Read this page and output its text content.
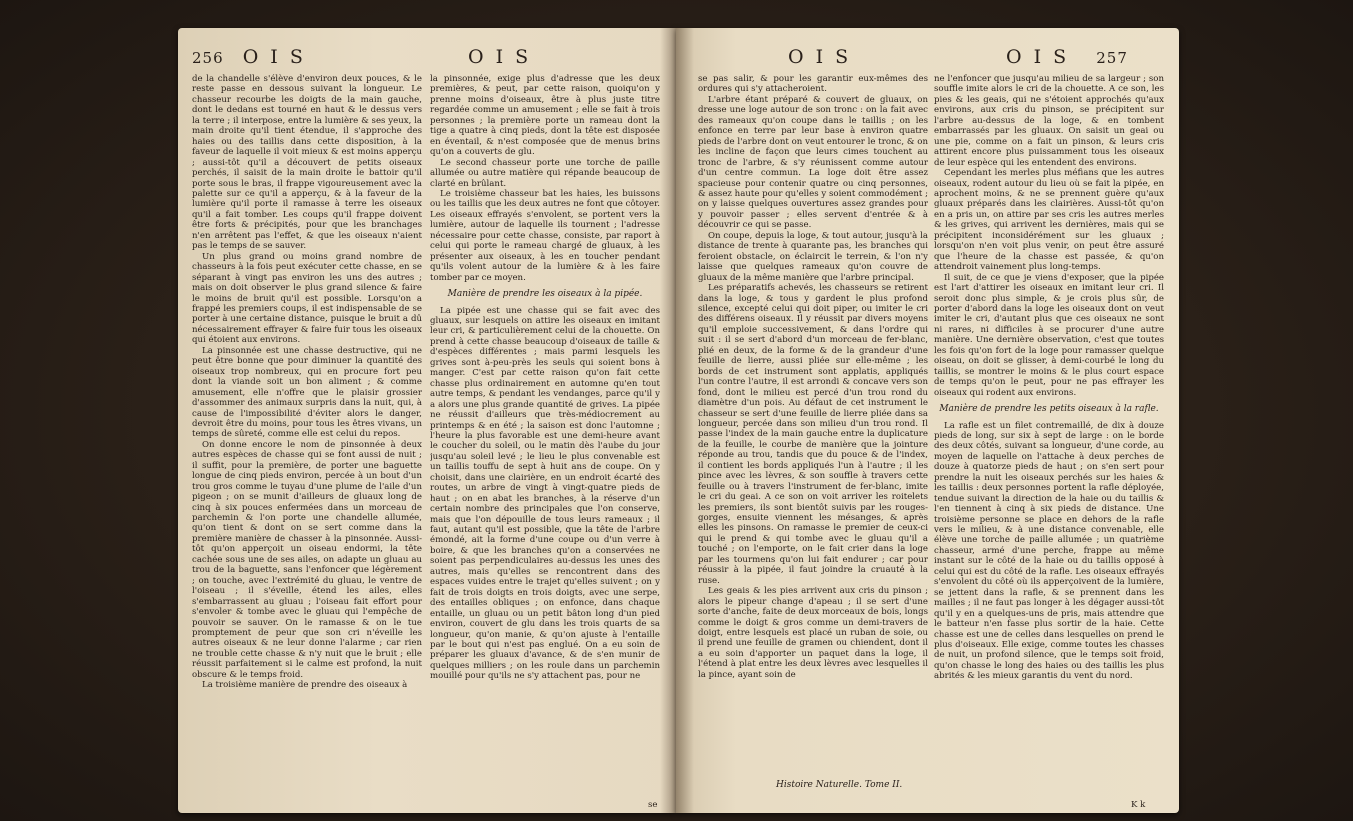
256 O I S	O I S

de la chandelle s'élève d'environ deux pouces, & le reste passe en dessous suivant la longueur. Le chasseur recourbe les doigts de la main gauche, dont le dedans est tourné en haut & le dessus vers la terre ; il interpose, entre la lumière & ses yeux, la main droite qu'il tient étendue, il s'approche des haies ou des taillis dans cette disposition, à la faveur de laquelle il voit mieux & est moins apperçu ; aussi-tôt qu'il a découvert de petits oiseaux perchés, il saisit de la main droite le battoir qu'il porte sous le bras, il frappe vigoureusement avec la palette sur ce qu'il a apperçu, & à la faveur de la lumière qu'il porte il ramasse à terre les oiseaux qu'il a fait tomber. Les coups qu'il frappe doivent être forts & précipités, pour que les branchages n'en arrêtent pas l'effet, & que les oiseaux n'aient pas le temps de se sauver.

Un plus grand ou moins grand nombre de chasseurs à la fois peut exécuter cette chasse, en se séparant à vingt pas environ les uns des autres ; mais on doit observer le plus grand silence & faire le moins de bruit qu'il est possible. Lorsqu'on a frappé les premiers coups, il est indispensable de se porter à une certaine distance, puisque le bruit a dû nécessairement effrayer & faire fuir tous les oiseaux qui étoient aux environs.

La pinsonnée est une chasse destructive, qui ne peut être bonne que pour diminuer la quantité des oiseaux trop nombreux, qui en procure fort peu dont la viande soit un bon aliment ; & comme amusement, elle n'offre que le plaisir grossier d'assommer des animaux surpris dans la nuit, qui, à cause de l'impossibilité d'éviter alors le danger, devroit être du moins, pour tous les êtres vivans, un temps de sûreté, comme elle est celui du repos.

On donne encore le nom de pinsonnée à deux autres espèces de chasse qui se font aussi de nuit ; il suffit, pour la première, de porter une baguette longue de cinq pieds environ, percée à un bout d'un trou gros comme le tuyau d'une plume de l'aile d'un pigeon ; on se munit d'ailleurs de gluaux long de cinq à six pouces enfermées dans un morceau de parchemin & l'on porte une chandelle allumée, qu'on tient & dont on se sert comme dans la première manière de chasser à la pinsonnée. Aussi-tôt qu'on apperçoit un oiseau endormi, la tête cachée sous une de ses ailes, on adapte un gluau au trou de la baguette, sans l'enfoncer que légèrement ; on touche, avec l'extrémité du gluau, le ventre de l'oiseau ; il s'éveille, étend les ailes, elles s'embarrassent au gluau ; l'oiseau fait effort pour s'envoler & tombe avec le gluau qui l'empêche de pouvoir se sauver. On le ramasse & on le tue promptement de peur que son cri n'éveille les autres oiseaux & ne leur donne l'alarme ; car rien ne trouble cette chasse & n'y nuit que le bruit ; elle réussit parfaitement si le calme est profond, la nuit obscure & le temps froid.

La troisième manière de prendre des oiseaux à

la pinsonnée, exige plus d'adresse que les deux premières, & peut, par cette raison, quoiqu'on y prenne moins d'oiseaux, être à plus juste titre regardée comme un amusement ; elle se fait à trois personnes ; la première porte un rameau dont la tige a quatre à cinq pieds, dont la tête est disposée en éventail, & n'est composée que de menus brins qu'on a couverts de glu.

Le second chasseur porte une torche de paille allumée ou autre matière qui répande beaucoup de clarté en brûlant.

Le troisième chasseur bat les haies, les buissons ou les taillis que les deux autres ne font que côtoyer. Les oiseaux effrayés s'envolent, se portent vers la lumière, autour de laquelle ils tournent ; l'adresse nécessaire pour cette chasse, consiste, par raport à celui qui porte le rameau chargé de gluaux, à les présenter aux oiseaux, à les en toucher pendant qu'ils volent autour de la lumière & à les faire tomber par ce moyen.

Manière de prendre les oiseaux à la pipée.

La pipée est une chasse qui se fait avec des gluaux, sur lesquels on attire les oiseaux en imitant leur cri, & particulièrement celui de la chouette. On prend à cette chasse beaucoup d'oiseaux de taille & d'espèces différentes ; mais parmi lesquels les grives sont à-peu-près les seuls qui soient bons à manger. C'est par cette raison qu'on fait cette chasse plus ordinairement en automne qu'en tout autre temps, & pendant les vendanges, parce qu'il y a alors une plus grande quantité de grives. La pipée ne réussit d'ailleurs que très-médiocrement au printemps & en été ; la saison est donc l'automne ; l'heure la plus favorable est une demi-heure avant le coucher du soleil, ou le matin dès l'aube du jour jusqu'au soleil levé ; le lieu le plus convenable est un taillis touffu de sept à huit ans de coupe. On y choisit, dans une clairière, en un endroit écarté des routes, un arbre de vingt à vingt-quatre pieds de haut ; on en abat les branches, à la réserve d'un certain nombre des principales que l'on conserve, mais que l'on dépouille de tous leurs rameaux ; il faut, autant qu'il est possible, que la tête de l'arbre émondé, ait la forme d'une coupe ou d'un verre à boire, & que les branches qu'on a conservées ne soient pas perpendiculaires au-dessus les unes des autres, mais qu'elles se rencontrent dans des espaces vuides entre le trajet qu'elles suivent ; on y fait de trois doigts en trois doigts, avec une serpe, des entailles obliques ; on enfonce, dans chaque entaille, un gluau ou un petit bâton long d'un pied environ, couvert de glu dans les trois quarts de sa longueur, qu'on manie, & qu'on ajuste à l'entaille par le bout qui n'est pas englué. On a eu soin de préparer les gluaux d'avance, & de s'en munir de quelques milliers ; on les roule dans un parchemin mouillé pour qu'ils ne s'y attachent pas, pour ne

se
O I S	O I S 257

se pas salir, & pour les garantir eux-mêmes des ordures qui s'y attacheroient.

L'arbre étant préparé & couvert de gluaux, on dresse une loge autour de son tronc : on la fait avec des rameaux qu'on coupe dans le taillis ; on les enfonce en terre par leur base à environ quatre pieds de l'arbre dont on veut entourer le tronc, & on les incline de façon que leurs cimes touchent au tronc de l'arbre, & s'y réunissent comme autour d'un centre commun. La loge doit être assez spacieuse pour contenir quatre ou cinq personnes, & assez haute pour qu'elles y soient commodément ; on y laisse quelques ouvertures assez grandes pour y pouvoir passer ; elles servent d'entrée & à découvrir ce qui se passe.

On coupe, depuis la loge, & tout autour, jusqu'à la distance de trente à quarante pas, les branches qui feroient obstacle, on éclaircit le terrein, & l'on n'y laisse que quelques rameaux qu'on couvre de gluaux de la même manière que l'arbre principal.

Les préparatifs achevés, les chasseurs se retirent dans la loge, & tous y gardent le plus profond silence, excepté celui qui doit piper, ou imiter le cri des différens oiseaux. Il y réussit par divers moyens qu'il emploie successivement, & dans l'ordre qui suit : il se sert d'abord d'un morceau de fer-blanc, plié en deux, de la forme & de la grandeur d'une feuille de lierre, aussi pliée sur elle-même ; les bords de cet instrument sont applatis, appliqués l'un contre l'autre, il est arrondi & concave vers son fond, dont le milieu est percé d'un trou rond du diamètre d'un pois. Au défaut de cet instrument le chasseur se sert d'une feuille de lierre pliée dans sa longueur, percée dans son milieu d'un trou rond. Il passe l'index de la main gauche entre la duplicature de la feuille, le courbe de manière que la jointure réponde au trou, tandis que du pouce & de l'index, il contient les bords appliqués l'un à l'autre ; il les pince avec les lèvres, & son souffle à travers cette feuille ou à travers l'instrument de fer-blanc, imite le cri du geai. A ce son on voit arriver les roitelets les premiers, ils sont bientôt suivis par les rouges-gorges, ensuite viennent les mésanges, & après elles les pinsons. On ramasse le premier de ceux-ci qui le prend & qui tombe avec le gluau qu'il a touché ; on l'emporte, on le fait crier dans la loge par les tourmens qu'on lui fait endurer ; car pour réussir à la pipée, il faut joindre la cruauté à la ruse.

Les geais & les pies arrivent aux cris du pinson ; alors le pipeur change d'apeau ; il se sert d'une sorte d'anche, faite de deux morceaux de bois, longs comme le doigt & gros comme un demi-travers de doigt, entre lesquels est placé un ruban de soie, ou il prend une feuille de gramen ou chiendent, dont il a eu soin d'apporter un paquet dans la loge, il l'étend à plat entre les deux lèvres avec lesquelles il la pince, ayant soin de

Histoire Naturelle. Tome II.

ne l'enfoncer que jusqu'au milieu de sa largeur ; son souffle imite alors le cri de la chouette. A ce son, les pies & les geais, qui ne s'étoient approchés qu'aux environs, aux cris du pinson, se précipitent sur l'arbre au-dessus de la loge, & en tombent embarrassés par les gluaux. On saisit un geai ou une pie, comme on a fait un pinson, & leurs cris attirent encore plus puissamment tous les oiseaux de leur espèce qui les entendent des environs.

Cependant les merles plus méfians que les autres oiseaux, rodent autour du lieu où se fait la pipée, en aprochent moins, & ne se prennent guère qu'aux gluaux préparés dans les clairières. Aussi-tôt qu'on en a pris un, on attire par ses cris les autres merles & les grives, qui arrivent les dernières, mais qui se précipitent inconsidérément sur les gluaux ; lorsqu'on n'en voit plus venir, on peut être assuré que l'heure de la chasse est passée, & qu'on attendroit vainement plus long-temps.

Il suit, de ce que je viens d'exposer, que la pipée est l'art d'attirer les oiseaux en imitant leur cri. Il seroit donc plus simple, & je crois plus sûr, de porter d'abord dans la loge les oiseaux dont on veut imiter le cri, d'autant plus que ces oiseaux ne sont ni rares, ni difficiles à se procurer d'une autre manière. Une dernière observation, c'est que toutes les fois qu'on fort de la loge pour ramasser quelque oiseau, on doit se glisser, à demi-courbé le long du taillis, se montrer le moins & le plus court espace de temps qu'on le peut, pour ne pas effrayer les oiseaux qui rodent aux environs.

Manière de prendre les petits oiseaux à la rafle.

La rafle est un filet contremaillé, de dix à douze pieds de long, sur six à sept de large : on le borde des deux côtés, suivant sa longueur, d'une corde, au moyen de laquelle on l'attache à deux perches de douze à quatorze pieds de haut ; on s'en sert pour prendre la nuit les oiseaux perchés sur les haies & les taillis : deux personnes portent la rafle déployée, tendue suivant la direction de la haie ou du taillis & l'en tiennent à cinq à six pieds de distance. Une troisième personne se place en dehors de la rafle vers le milieu, & à une distance convenable, elle élève une torche de paille allumée ; un quatrième chasseur, armé d'une perche, frappe au même instant sur le côté de la haie ou du taillis opposé à celui qui est du côté de la rafle. Les oiseaux effrayés s'envolent du côté où ils apperçoivent de la lumière, se jettent dans la rafle, & se prennent dans les mailles ; il ne faut pas longer à les dégager aussi-tôt qu'il y en a quelques-uns de pris, mais attendre que le batteur n'en fasse plus sortir de la haie. Cette chasse est une de celles dans lesquelles on prend le plus d'oiseaux. Elle exige, comme toutes les chasses de nuit, un profond silence, que le temps soit froid, qu'on chasse le long des haies ou des taillis les plus abrités & les mieux garantis du vent du nord.

K k
